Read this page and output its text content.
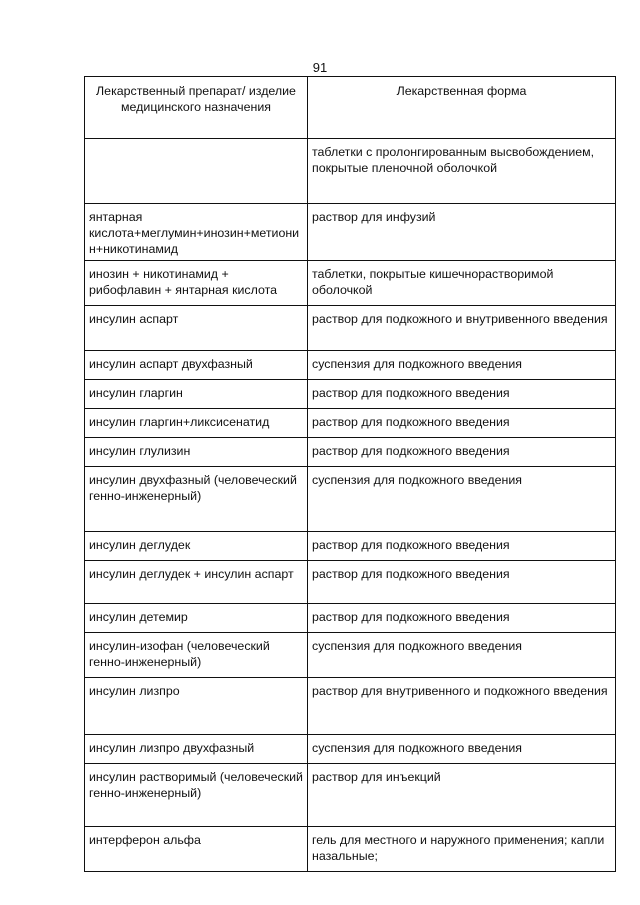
91
Лекарственный препарат/ изделие медицинского назначения	Лекарственная форма
	таблетки с пролонгированным высвобождением, покрытые пленочной оболочкой
янтарная кислота+меглумин+инозин+метионин+никотинамид	раствор для инфузий
инозин + никотинамид + рибофлавин + янтарная кислота	таблетки, покрытые кишечнорастворимой оболочкой
инсулин аспарт	раствор для подкожного и внутривенного введения
инсулин аспарт двухфазный	суспензия для подкожного введения
инсулин гларгин	раствор для подкожного введения
инсулин гларгин+ликсисенатид	раствор для подкожного введения
инсулин глулизин	раствор для подкожного введения
инсулин двухфазный (человеческий генно-инженерный)	суспензия для подкожного введения
инсулин деглудек	раствор для подкожного введения
инсулин деглудек + инсулин аспарт	раствор для подкожного введения
инсулин детемир	раствор для подкожного введения
инсулин-изофан (человеческий генно-инженерный)	суспензия для подкожного введения
инсулин лизпро	раствор для внутривенного и подкожного введения
инсулин лизпро двухфазный	суспензия для подкожного введения
инсулин растворимый (человеческий генно-инженерный)	раствор для инъекций
интерферон альфа	гель для местного и наружного применения; капли назальные;
